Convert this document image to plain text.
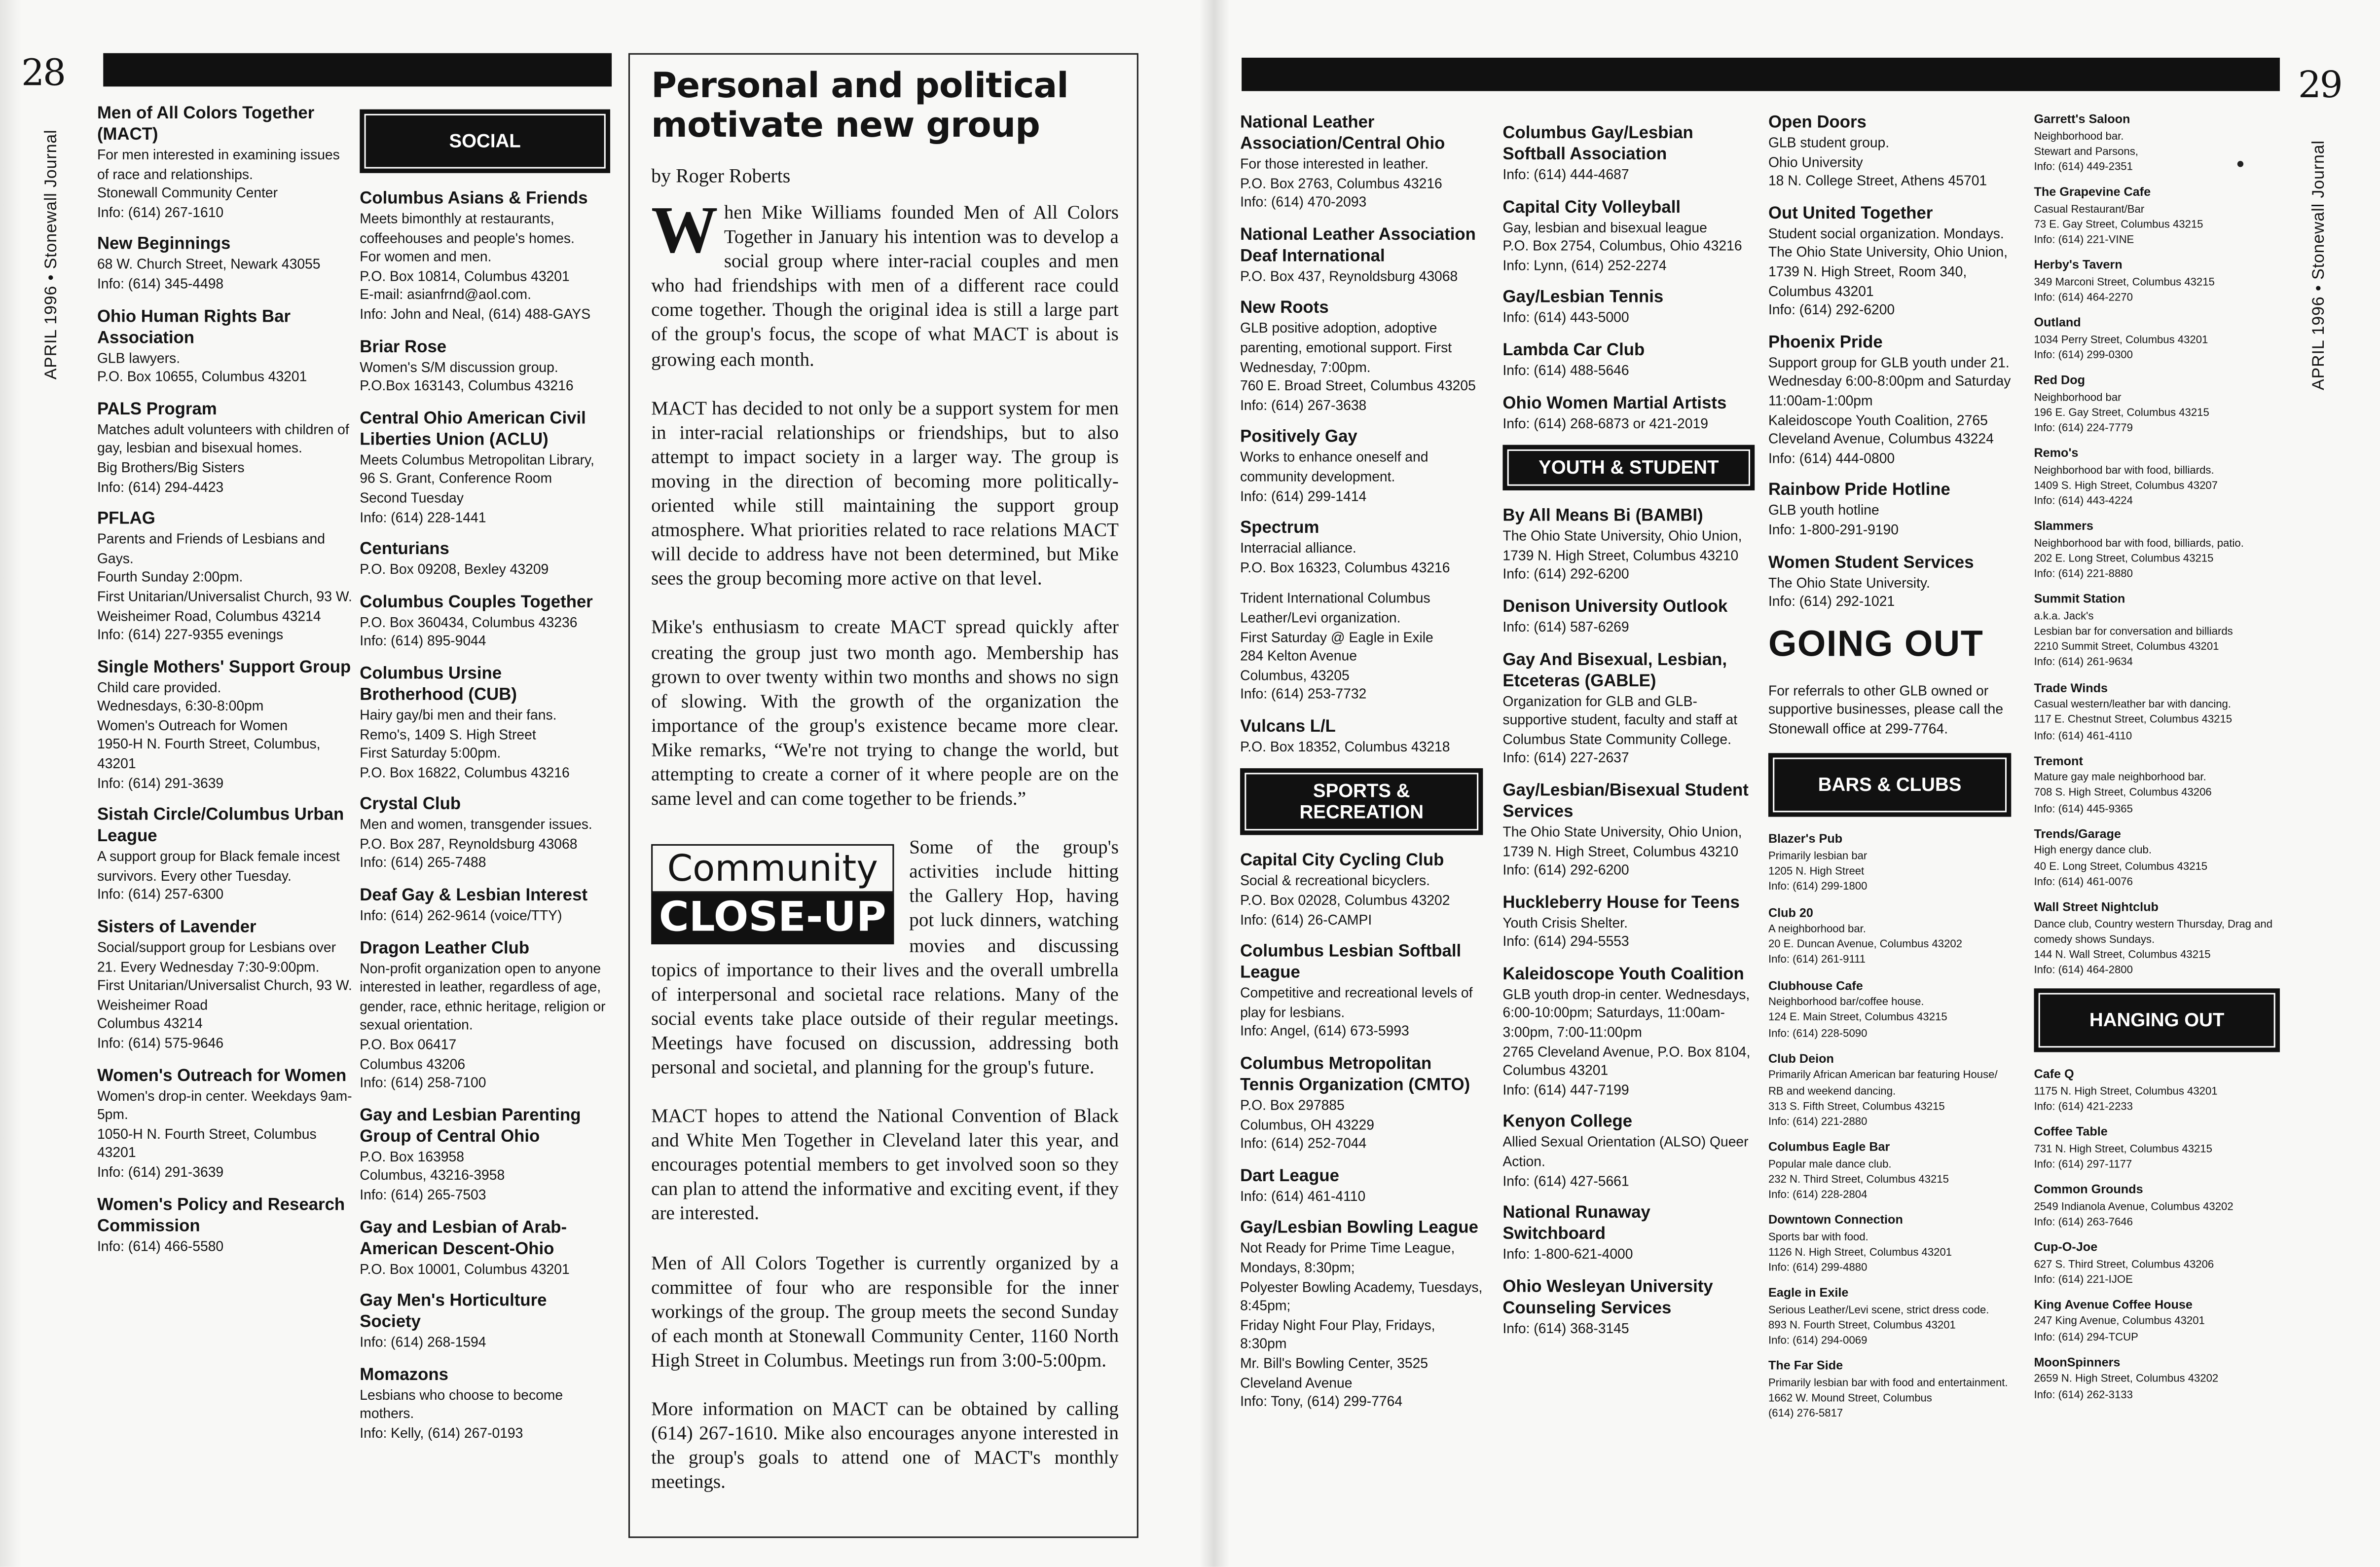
28
APRIL 1996 • Stonewall Journal
Men of All Colors Together (MACT)

For men interested in examining issues of race and relationships.

Stonewall Community Center

Info: (614) 267-1610

New Beginnings

68 W. Church Street, Newark 43055

Info: (614) 345-4498

Ohio Human Rights Bar Association

GLB lawyers.

P.O. Box 10655, Columbus 43201

PALS Program

Matches adult volunteers with children of gay, lesbian and bisexual homes.

Big Brothers/Big Sisters

Info: (614) 294-4423

PFLAG

Parents and Friends of Lesbians and Gays.

Fourth Sunday 2:00pm.

First Unitarian/Universalist Church, 93 W. Weisheimer Road, Columbus 43214

Info: (614) 227-9355 evenings

Single Mothers' Support Group

Child care provided.

Wednesdays, 6:30-8:00pm

Women's Outreach for Women

1950-H N. Fourth Street, Columbus, 43201

Info: (614) 291-3639

Sistah Circle/Columbus Urban League

A support group for Black female incest survivors. Every other Tuesday.

Info: (614) 257-6300

Sisters of Lavender

Social/support group for Lesbians over 21. Every Wednesday 7:30-9:00pm.

First Unitarian/Universalist Church, 93 W. Weisheimer Road

Columbus 43214

Info: (614) 575-9646

Women's Outreach for Women

Women's drop-in center. Weekdays 9am-5pm.

1050-H N. Fourth Street, Columbus 43201

Info: (614) 291-3639

Women's Policy and Research Commission

Info: (614) 466-5580

SOCIAL
Columbus Asians & Friends

Meets bimonthly at restaurants, coffeehouses and people's homes.

For women and men.

P.O. Box 10814, Columbus 43201

E-mail: asianfrnd@aol.com.

Info: John and Neal, (614) 488-GAYS

Briar Rose

Women's S/M discussion group.

P.O.Box 163143, Columbus 43216

Central Ohio American Civil Liberties Union (ACLU)

Meets Columbus Metropolitan Library, 96 S. Grant, Conference Room

Second Tuesday

Info: (614) 228-1441

Centurians

P.O. Box 09208, Bexley 43209

Columbus Couples Together

P.O. Box 360434, Columbus 43236

Info: (614) 895-9044

Columbus Ursine Brotherhood (CUB)

Hairy gay/bi men and their fans.

Remo's, 1409 S. High Street

First Saturday 5:00pm.

P.O. Box 16822, Columbus 43216

Crystal Club

Men and women, transgender issues.

P.O. Box 287, Reynoldsburg 43068

Info: (614) 265-7488

Deaf Gay & Lesbian Interest

Info: (614) 262-9614 (voice/TTY)

Dragon Leather Club

Non-profit organization open to anyone interested in leather, regardless of age, gender, race, ethnic heritage, religion or sexual orientation.

P.O. Box 06417

Columbus 43206

Info: (614) 258-7100

Gay and Lesbian Parenting Group of Central Ohio

P.O. Box 163958

Columbus, 43216-3958

Info: (614) 265-7503

Gay and Lesbian of Arab-American Descent-Ohio

P.O. Box 10001, Columbus 43201

Gay Men's Horticulture Society

Info: (614) 268-1594

Momazons

Lesbians who choose to become mothers.

Info: Kelly, (614) 267-0193

Personal and political motivate new group
by Roger Roberts

When Mike Williams founded Men of All Colors Together in January his intention was to develop a social group where inter-racial couples and men who had friendships with men of a different race could come together. Though the original idea is still a large part of the group's focus, the scope of what MACT is about is growing each month.

MACT has decided to not only be a support system for men in inter-racial relationships or friendships, but to also attempt to impact society in a larger way. The group is moving in the direction of becoming more politically-oriented while still maintaining the support group atmosphere. What priorities related to race relations MACT will decide to address have not been determined, but Mike sees the group becoming more active on that level.

Mike's enthusiasm to create MACT spread quickly after creating the group just two month ago. Membership has grown to over twenty within two months and shows no sign of slowing. With the growth of the organization the importance of the group's existence became more clear. Mike remarks, “We're not trying to change the world, but attempting to create a corner of it where people are on the same level and can come together to be friends.”

Community
CLOSE-UP
Some of the group's activities include hitting the Gallery Hop, having pot luck dinners, watching movies and discussing topics of importance to their lives and the overall umbrella of interpersonal and societal race relations. Many of the social events take place outside of their regular meetings. Meetings have focused on discussion, addressing both personal and societal, and planning for the group's future.

MACT hopes to attend the National Convention of Black and White Men Together in Cleveland later this year, and encourages potential members to get involved soon so they can plan to attend the informative and exciting event, if they are interested.

Men of All Colors Together is currently organized by a committee of four who are responsible for the inner workings of the group. The group meets the second Sunday of each month at Stonewall Community Center, 1160 North High Street in Columbus. Meetings run from 3:00-5:00pm.

More information on MACT can be obtained by calling (614) 267-1610. Mike also encourages anyone interested in the group's goals to attend one of MACT's monthly meetings.

29
APRIL 1996 • Stonewall Journal
National Leather Association/Central Ohio

For those interested in leather.

P.O. Box 2763, Columbus 43216

Info: (614) 470-2093

National Leather Association Deaf International

P.O. Box 437, Reynoldsburg 43068

New Roots

GLB positive adoption, adoptive parenting, emotional support. First Wednesday, 7:00pm.

760 E. Broad Street, Columbus 43205

Info: (614) 267-3638

Positively Gay

Works to enhance oneself and community development.

Info: (614) 299-1414

Spectrum

Interracial alliance.

P.O. Box 16323, Columbus 43216

Trident International Columbus Leather/Levi organization.

First Saturday @ Eagle in Exile

284 Kelton Avenue

Columbus, 43205

Info: (614) 253-7732

Vulcans L/L

P.O. Box 18352, Columbus 43218

SPORTS & RECREATION
Capital City Cycling Club

Social & recreational bicyclers.

P.O. Box 02028, Columbus 43202

Info: (614) 26-CAMPI

Columbus Lesbian Softball League

Competitive and recreational levels of play for lesbians.

Info: Angel, (614) 673-5993

Columbus Metropolitan Tennis Organization (CMTO)

P.O. Box 297885

Columbus, OH 43229

Info: (614) 252-7044

Dart League

Info: (614) 461-4110

Gay/Lesbian Bowling League

Not Ready for Prime Time League, Mondays, 8:30pm;

Polyester Bowling Academy, Tuesdays, 8:45pm;

Friday Night Four Play, Fridays, 8:30pm

Mr. Bill's Bowling Center, 3525 Cleveland Avenue

Info: Tony, (614) 299-7764

Columbus Gay/Lesbian Softball Association

Info: (614) 444-4687

Capital City Volleyball

Gay, lesbian and bisexual league

P.O. Box 2754, Columbus, Ohio 43216

Info: Lynn, (614) 252-2274

Gay/Lesbian Tennis

Info: (614) 443-5000

Lambda Car Club

Info: (614) 488-5646

Ohio Women Martial Artists

Info: (614) 268-6873 or 421-2019

YOUTH & STUDENT
By All Means Bi (BAMBI)

The Ohio State University, Ohio Union, 1739 N. High Street, Columbus 43210

Info: (614) 292-6200

Denison University Outlook

Info: (614) 587-6269

Gay And Bisexual, Lesbian, Etceteras (GABLE)

Organization for GLB and GLB-supportive student, faculty and staff at Columbus State Community College.

Info: (614) 227-2637

Gay/Lesbian/Bisexual Student Services

The Ohio State University, Ohio Union, 1739 N. High Street, Columbus 43210

Info: (614) 292-6200

Huckleberry House for Teens

Youth Crisis Shelter.

Info: (614) 294-5553

Kaleidoscope Youth Coalition

GLB youth drop-in center. Wednesdays, 6:00-10:00pm; Saturdays, 11:00am-3:00pm, 7:00-11:00pm

2765 Cleveland Avenue, P.O. Box 8104, Columbus 43201

Info: (614) 447-7199

Kenyon College

Allied Sexual Orientation (ALSO) Queer Action.

Info: (614) 427-5661

National Runaway Switchboard

Info: 1-800-621-4000

Ohio Wesleyan University Counseling Services

Info: (614) 368-3145

Open Doors

GLB student group.

Ohio University

18 N. College Street, Athens 45701

Out United Together

Student social organization. Mondays. The Ohio State University, Ohio Union, 1739 N. High Street, Room 340, Columbus 43201

Info: (614) 292-6200

Phoenix Pride

Support group for GLB youth under 21. Wednesday 6:00-8:00pm and Saturday 11:00am-1:00pm

Kaleidoscope Youth Coalition, 2765 Cleveland Avenue, Columbus 43224

Info: (614) 444-0800

Rainbow Pride Hotline

GLB youth hotline

Info: 1-800-291-9190

Women Student Services

The Ohio State University.

Info: (614) 292-1021

GOING OUT

For referrals to other GLB owned or supportive businesses, please call the Stonewall office at 299-7764.

BARS & CLUBS
Blazer's Pub

Primarily lesbian bar

1205 N. High Street

Info: (614) 299-1800

Club 20

A neighborhood bar.

20 E. Duncan Avenue, Columbus 43202

Info: (614) 261-9111

Clubhouse Cafe

Neighborhood bar/coffee house.

124 E. Main Street, Columbus 43215

Info: (614) 228-5090

Club Deion

Primarily African American bar featuring House/ RB and weekend dancing.

313 S. Fifth Street, Columbus 43215

Info: (614) 221-2880

Columbus Eagle Bar

Popular male dance club.

232 N. Third Street, Columbus 43215

Info: (614) 228-2804

Downtown Connection

Sports bar with food.

1126 N. High Street, Columbus 43201

Info: (614) 299-4880

Eagle in Exile

Serious Leather/Levi scene, strict dress code.

893 N. Fourth Street, Columbus 43201

Info: (614) 294-0069

The Far Side

Primarily lesbian bar with food and entertainment.

1662 W. Mound Street, Columbus

(614) 276-5817

Garrett's Saloon

Neighborhood bar.

Stewart and Parsons,

Info: (614) 449-2351

The Grapevine Cafe

Casual Restaurant/Bar

73 E. Gay Street, Columbus 43215

Info: (614) 221-VINE

Herby's Tavern

349 Marconi Street, Columbus 43215

Info: (614) 464-2270

Outland

1034 Perry Street, Columbus 43201

Info: (614) 299-0300

Red Dog

Neighborhood bar

196 E. Gay Street, Columbus 43215

Info: (614) 224-7779

Remo's

Neighborhood bar with food, billiards.

1409 S. High Street, Columbus 43207

Info: (614) 443-4224

Slammers

Neighborhood bar with food, billiards, patio.

202 E. Long Street, Columbus 43215

Info: (614) 221-8880

Summit Station

a.k.a. Jack's

Lesbian bar for conversation and billiards

2210 Summit Street, Columbus 43201

Info: (614) 261-9634

Trade Winds

Casual western/leather bar with dancing.

117 E. Chestnut Street, Columbus 43215

Info: (614) 461-4110

Tremont

Mature gay male neighborhood bar.

708 S. High Street, Columbus 43206

Info: (614) 445-9365

Trends/Garage

High energy dance club.

40 E. Long Street, Columbus 43215

Info: (614) 461-0076

Wall Street Nightclub

Dance club, Country western Thursday, Drag and comedy shows Sundays.

144 N. Wall Street, Columbus 43215

Info: (614) 464-2800

HANGING OUT
Cafe Q

1175 N. High Street, Columbus 43201

Info: (614) 421-2233

Coffee Table

731 N. High Street, Columbus 43215

Info: (614) 297-1177

Common Grounds

2549 Indianola Avenue, Columbus 43202

Info: (614) 263-7646

Cup-O-Joe

627 S. Third Street, Columbus 43206

Info: (614) 221-IJOE

King Avenue Coffee House

247 King Avenue, Columbus 43201

Info: (614) 294-TCUP

MoonSpinners

2659 N. High Street, Columbus 43202

Info: (614) 262-3133
